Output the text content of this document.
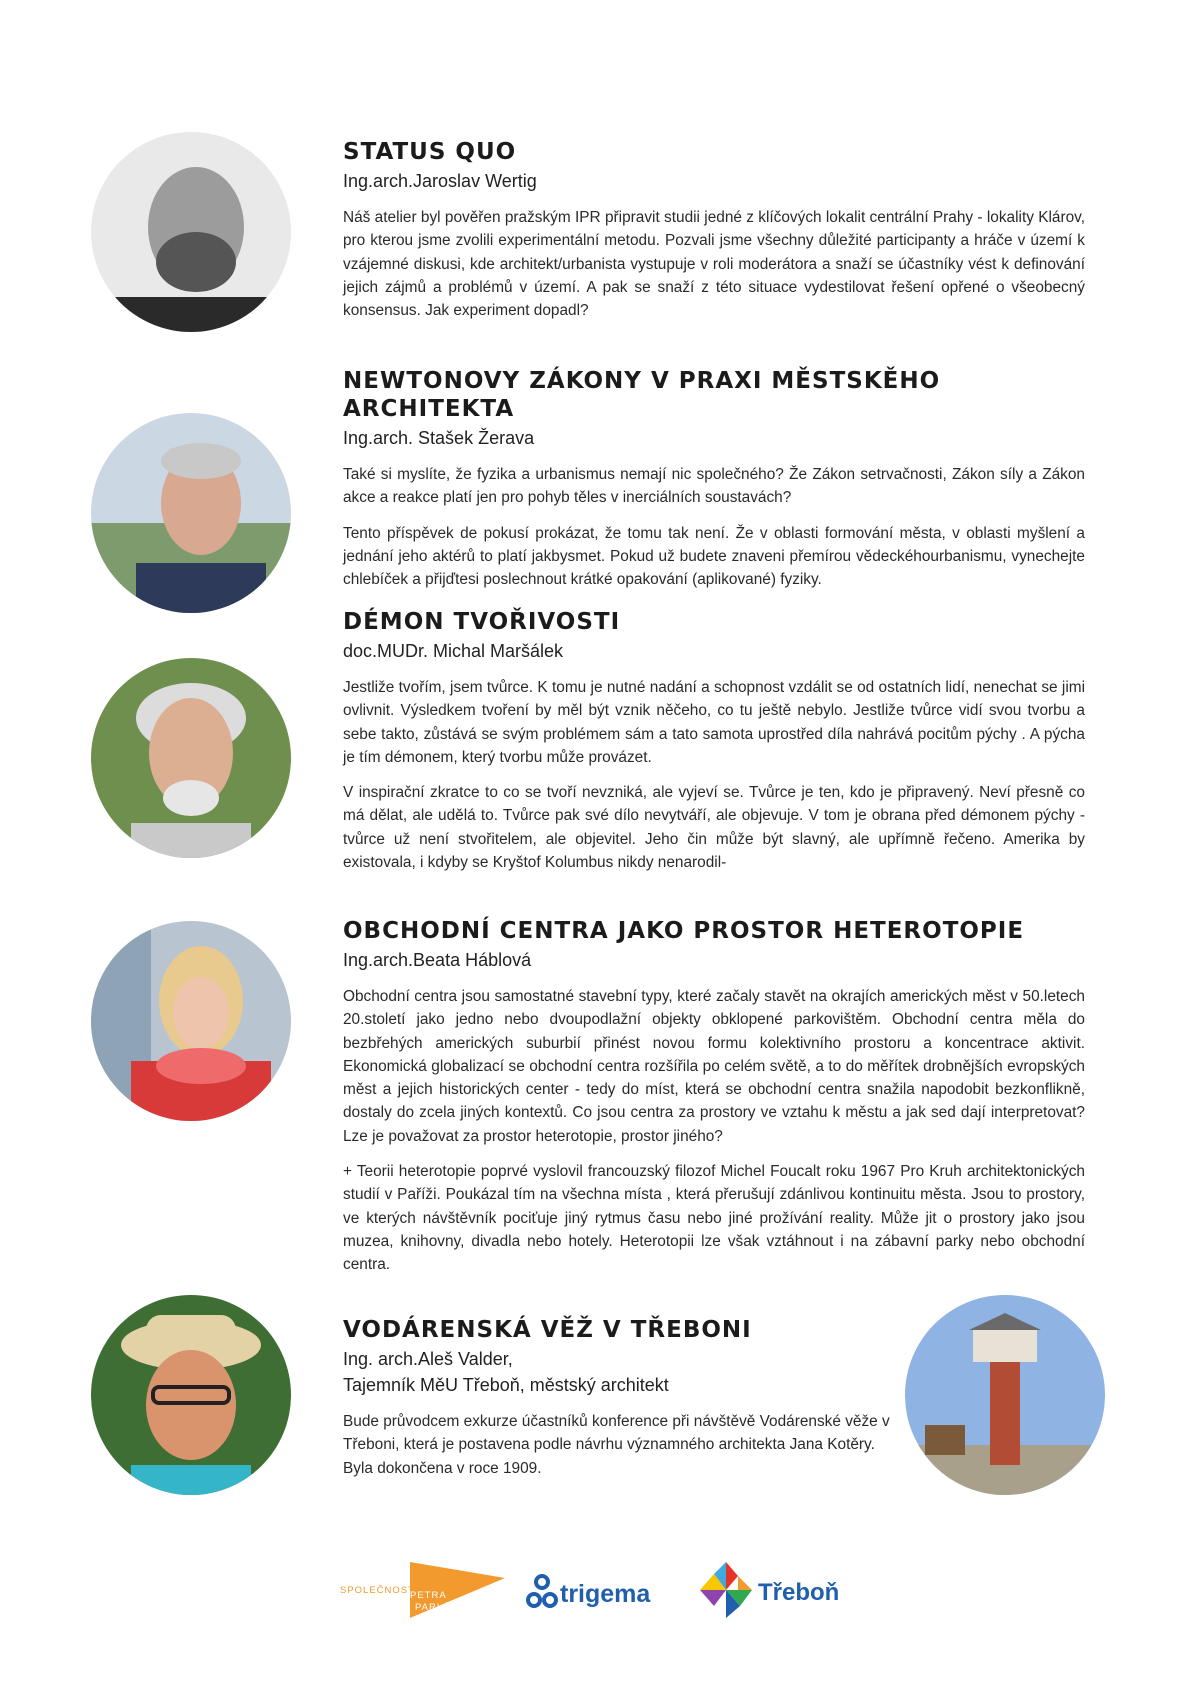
STATUS QUO

Ing.arch.Jaroslav Wertig

Náš atelier byl pověřen pražským IPR připravit studii jedné z klíčových lokalit centrální Prahy - lokality Klárov, pro kterou jsme zvolili experimentální metodu. Pozvali jsme všechny důležité participanty a hráče v území k vzájemné diskusi, kde architekt/urbanista vystupuje v roli moderátora a snaží se účastníky vést k definování jejich zájmů a problémů v území. A pak se snaží z této situace vydestilovat řešení opřené o všeobecný konsensus. Jak experiment dopadl?

NEWTONOVY ZÁKONY V PRAXI MĚSTSKĚHO ARCHITEKTA

Ing.arch. Stašek Žerava

Také si myslíte, že fyzika a urbanismus nemají nic společného? Že Zákon setrvačnosti, Zákon síly a Zákon akce a reakce platí jen pro pohyb těles v inerciálních soustavách?

Tento příspěvek de pokusí prokázat, že tomu tak není. Že v oblasti formování města, v oblasti myšlení a jednání jeho aktérů to platí jakbysmet. Pokud už budete znaveni přemírou vědeckéhourbanismu, vynechejte chlebíček a přijďtesi poslechnout krátké opakování (aplikované) fyziky.

DÉMON TVOŘIVOSTI

doc.MUDr. Michal Maršálek

Jestliže tvořím, jsem tvůrce. K tomu je nutné nadání a schopnost vzdálit se od ostatních lidí, nenechat se jimi ovlivnit. Výsledkem tvoření by měl být vznik něčeho, co tu ještě nebylo. Jestliže tvůrce vidí svou tvorbu a sebe takto, zůstává se svým problémem sám a tato samota uprostřed díla nahrává pocitům pýchy . A pýcha je tím démonem, který tvorbu může provázet.

V inspirační zkratce to co se tvoří nevzniká, ale vyjeví se. Tvůrce je ten, kdo je připravený. Neví přesně co má dělat, ale udělá to. Tvůrce pak své dílo nevytváří, ale objevuje. V tom je obrana před démonem pýchy - tvůrce už není stvořitelem, ale objevitel. Jeho čin může být slavný, ale upřímně řečeno. Amerika by existovala, i kdyby se Kryštof Kolumbus nikdy nenarodil-

OBCHODNÍ CENTRA JAKO PROSTOR HETEROTOPIE

Ing.arch.Beata Háblová

Obchodní centra jsou samostatné stavební typy, které začaly stavět na okrajích amerických měst v 50.letech 20.století jako jedno nebo dvoupodlažní objekty obklopené parkovištěm. Obchodní centra měla do bezbřehých amerických suburbií přinést novou formu kolektivního prostoru a koncentrace aktivit. Ekonomická globalizací se obchodní centra rozšířila po celém světě, a to do měřítek drobnějších evropských měst a jejich historických center - tedy do míst, která se obchodní centra snažila napodobit bezkonflikně, dostaly do zcela jiných kontextů. Co jsou centra za prostory ve vztahu k městu a jak sed dají interpretovat? Lze je považovat za prostor heterotopie, prostor jiného?

+ Teorii heterotopie poprvé vyslovil francouzský filozof Michel Foucalt roku 1967 Pro Kruh architektonických studií v Paříži. Poukázal tím na všechna místa , která přerušují zdánlivou kontinuitu města. Jsou to prostory, ve kterých návštěvník pociťuje jiný rytmus času nebo jiné prožívání reality. Může jit o prostory jako jsou muzea, knihovny, divadla nebo hotely. Heterotopii lze však vztáhnout i na zábavní parky nebo obchodní centra.

VODÁRENSKÁ VĚŽ V TŘEBONI

Ing. arch.Aleš Valder,

Tajemník MěU Třeboň, městský architekt

Bude průvodcem exkurze účastníků konference při návštěvě Vodárenské věže v Třeboni, která je postavena podle návrhu významného architekta Jana Kotěry. Byla dokončena v roce 1909.

SPOLEČNOST
PETRA
PARLÉŘE	trigema	Třeboň
